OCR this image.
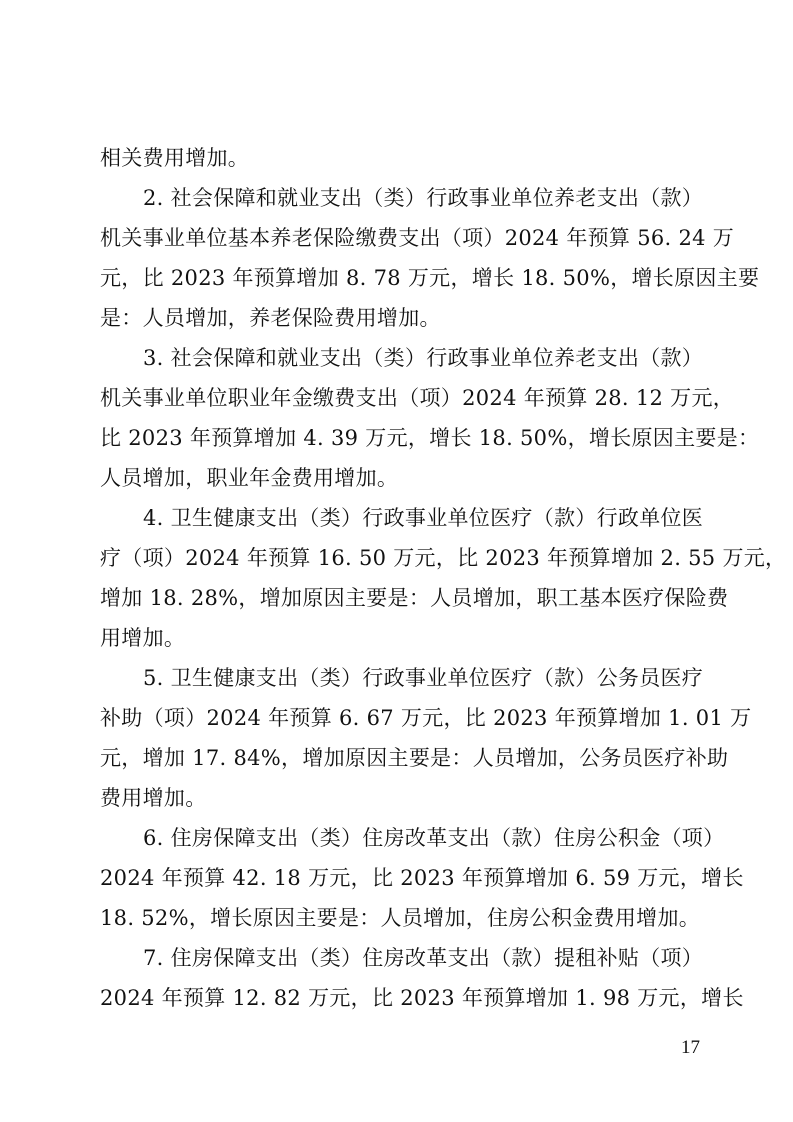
相关费用增加。
2. 社会保障和就业支出（类）行政事业单位养老支出（款）
机关事业单位基本养老保险缴费支出（项）2024 年预算 56. 24 万
元，比 2023 年预算增加 8. 78 万元，增长 18. 50%，增长原因主要
是：人员增加，养老保险费用增加。
3. 社会保障和就业支出（类）行政事业单位养老支出（款）
机关事业单位职业年金缴费支出（项）2024 年预算 28. 12 万元，
比 2023 年预算增加 4. 39 万元，增长 18. 50%，增长原因主要是：
人员增加，职业年金费用增加。
4. 卫生健康支出（类）行政事业单位医疗（款）行政单位医
疗（项）2024 年预算 16. 50 万元，比 2023 年预算增加 2. 55 万元，
增加 18. 28%，增加原因主要是：人员增加，职工基本医疗保险费
用增加。
5. 卫生健康支出（类）行政事业单位医疗（款）公务员医疗
补助（项）2024 年预算 6. 67 万元，比 2023 年预算增加 1. 01 万
元，增加 17. 84%，增加原因主要是：人员增加，公务员医疗补助
费用增加。
6. 住房保障支出（类）住房改革支出（款）住房公积金（项）
2024 年预算 42. 18 万元，比 2023 年预算增加 6. 59 万元，增长
18. 52%，增长原因主要是：人员增加，住房公积金费用增加。
7. 住房保障支出（类）住房改革支出（款）提租补贴（项）
2024 年预算 12. 82 万元，比 2023 年预算增加 1. 98 万元，增长
17
